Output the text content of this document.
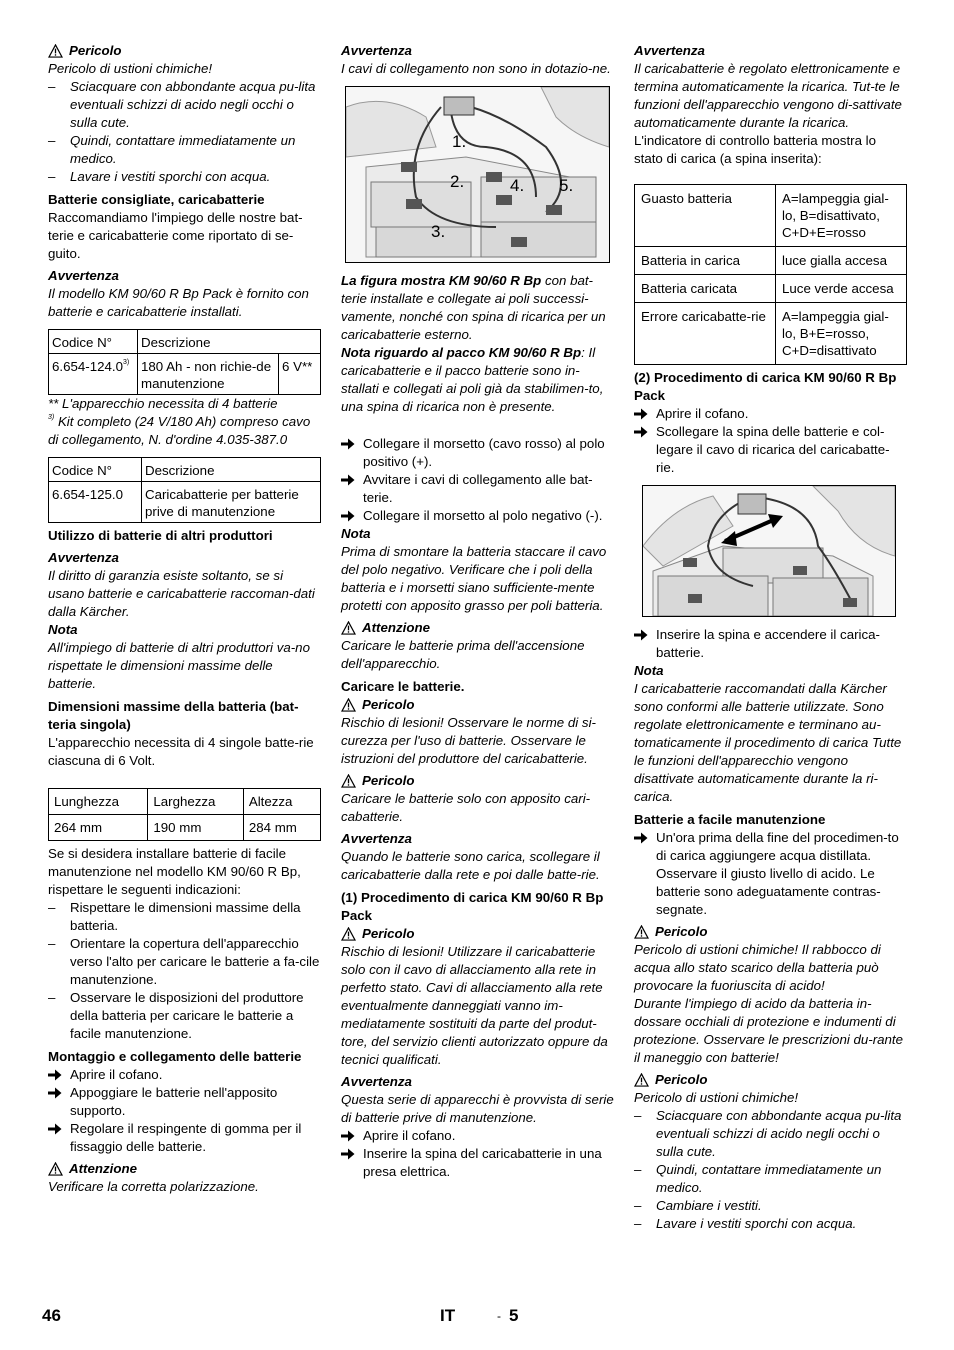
Pericolo

Pericolo di ustioni chimiche!

– Sciacquare con abbondante acqua pu-lita eventuali schizzi di acido negli occhi o sulla cute.
– Quindi, contattare immediatamente un medico.
– Lavare i vestiti sporchi con acqua.

Batterie consigliate, caricabatterie

Raccomandiamo l'impiego delle nostre bat-terie e caricabatterie come riportato di se-guito.

Avvertenza

Il modello KM 90/60 R Bp Pack è fornito con batterie e caricabatterie installati.

Codice N°	Descrizione	
6.654-124.0$^{3)}$	180 Ah - non richie-de manutenzione	6 V**

** L'apparecchio necessita di 4 batterie

$^{3)}$ Kit completo (24 V/180 Ah) compreso cavo di collegamento, N. d'ordine 4.035-387.0

Codice N°	Descrizione
6.654-125.0	Caricabatterie per batterie prive di manutenzione

Utilizzo di batterie di altri produttori

Avvertenza

Il diritto di garanzia esiste soltanto, se si usano batterie e caricabatterie raccoman-dati dalla Kärcher.

Nota

All'impiego di batterie di altri produttori va-no rispettate le dimensioni massime delle batterie.

Dimensioni massime della batteria (bat-teria singola)

L'apparecchio necessita di 4 singole batte-rie ciascuna di 6 Volt.

Lunghezza	Larghezza	Altezza
264 mm	190 mm	284 mm

Se si desidera installare batterie di facile manutenzione nel modello KM 90/60 R Bp, rispettare le seguenti indicazioni:

– Rispettare le dimensioni massime della batteria.
– Orientare la copertura dell'apparecchio verso l'alto per caricare le batterie a fa-cile manutenzione.
– Osservare le disposizioni del produttore della batteria per caricare le batterie a facile manutenzione.

Montaggio e collegamento delle batterie

Aprire il cofano.
Appoggiare le batterie nell'apposito supporto.
Regolare il respingente di gomma per il fissaggio delle batterie.
Attenzione

Verificare la corretta polarizzazione.

Avvertenza

I cavi di collegamento non sono in dotazio-ne.

1.
2.
3.
4. 5.

La figura mostra KM 90/60 R Bp con bat-terie installate e collegate ai poli successi-vamente, nonché con spina di ricarica per un caricabatterie esterno.

Nota riguardo al pacco KM 90/60 R Bp: Il caricabatterie e il pacco batterie sono in-stallati e collegati ai poli già da stabilimen-to, una spina di ricarica non è presente.

Collegare il morsetto (cavo rosso) al polo positivo (+).
Avvitare i cavi di collegamento alle bat-terie.
Collegare il morsetto al polo negativo (-).

Nota

Prima di smontare la batteria staccare il cavo del polo negativo. Verificare che i poli della batteria e i morsetti siano sufficiente-mente protetti con apposito grasso per poli batteria.

Attenzione

Caricare le batterie prima dell'accensione dell'apparecchio.

Caricare le batterie.

Pericolo

Rischio di lesioni! Osservare le norme di si-curezza per l'uso di batterie. Osservare le istruzioni del produttore del caricabatterie.

Pericolo

Caricare le batterie solo con apposito cari-cabatterie.

Avvertenza

Quando le batterie sono carica, scollegare il caricabatterie dalla rete e poi dalle batte-rie.

(1) Procedimento di carica KM 90/60 R Bp Pack

Pericolo

Rischio di lesioni! Utilizzare il caricabatterie solo con il cavo di allacciamento alla rete in perfetto stato. Cavi di allacciamento alla rete eventualmente danneggiati vanno im-mediatamente sostituiti da parte del produt-tore, del servizio clienti autorizzato oppure da tecnici qualificati.

Avvertenza

Questa serie di apparecchi è provvista di serie di batterie prive di manutenzione.

Aprire il cofano.
Inserire la spina del caricabatterie in una presa elettrica.

Avvertenza

Il caricabatterie è regolato elettronicamente e termina automaticamente la ricarica. Tut-te le funzioni dell'apparecchio vengono di-sattivate automaticamente durante la ricarica.

L'indicatore di controllo batteria mostra lo stato di carica (a spina inserita):

Guasto batteria	A=lampeggia gial-lo, B=disattivato, C+D+E=rosso
Batteria in carica	luce gialla accesa
Batteria caricata	Luce verde accesa
Errore caricabatte-rie	A=lampeggia gial-lo, B+E=rosso, C+D=disattivato

(2) Procedimento di carica KM 90/60 R Bp Pack

Aprire il cofano.
Scollegare la spina delle batterie e col-legare il cavo di ricarica del caricabatte-rie.
Inserire la spina e accendere il carica-batterie.

Nota

I caricabatterie raccomandati dalla Kärcher sono conformi alle batterie utilizzate. Sono regolate elettronicamente e terminano au-tomaticamente il procedimento di carica Tutte le funzioni dell'apparecchio vengono disattivate automaticamente durante la ri-carica.

Batterie a facile manutenzione

Un'ora prima della fine del procedimen-to di carica aggiungere acqua distillata. Osservare il giusto livello di acido. Le batterie sono adeguatamente contras-segnate.
Pericolo

Pericolo di ustioni chimiche! Il rabbocco di acqua allo stato scarico della batteria può provocare la fuoriuscita di acido!

Durante l'impiego di acido da batteria in-dossare occhiali di protezione e indumenti di protezione. Osservare le prescrizioni du-rante il maneggio con batterie!

Pericolo

Pericolo di ustioni chimiche!

– Sciacquare con abbondante acqua pu-lita eventuali schizzi di acido negli occhi o sulla cute.
– Quindi, contattare immediatamente un medico.
– Cambiare i vestiti.
– Lavare i vestiti sporchi con acqua.
46	IT	- 5
